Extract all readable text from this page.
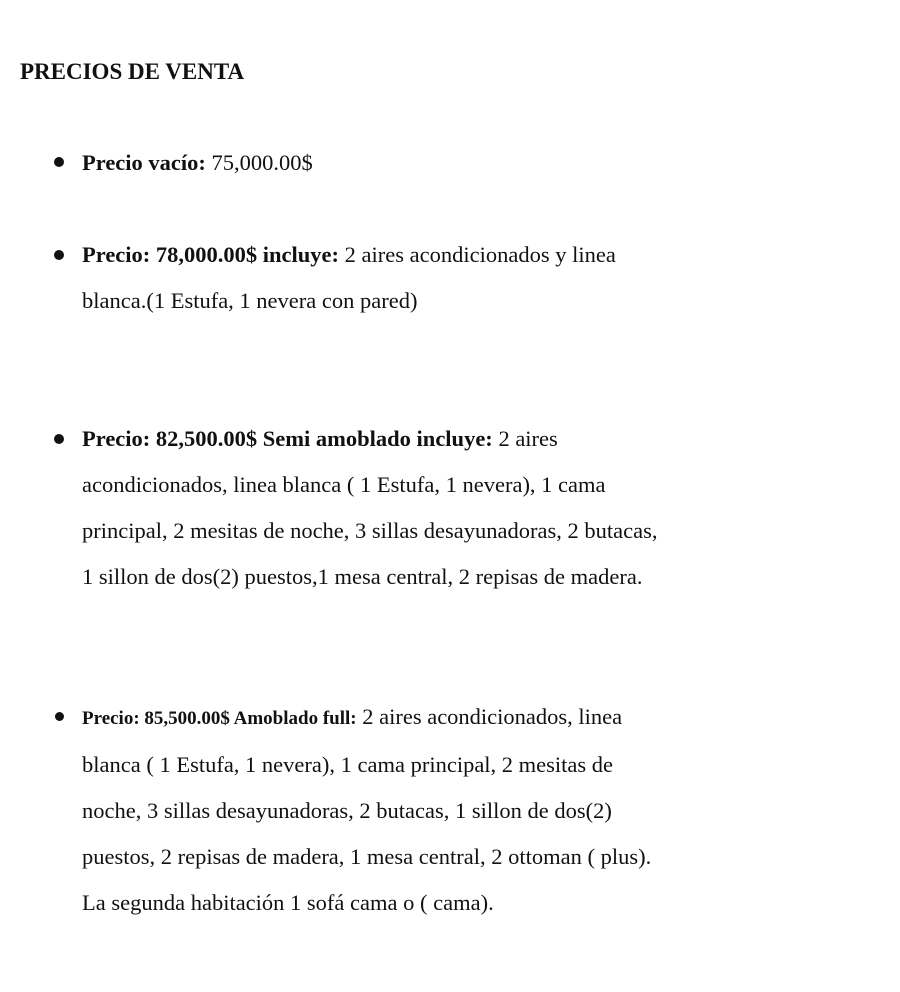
PRECIOS DE VENTA
Precio vacío: 75,000.00$
Precio: 78,000.00$ incluye: 2 aires acondicionados y linea
blanca.(1 Estufa, 1 nevera con pared)
Precio: 82,500.00$ Semi amoblado incluye: 2 aires
acondicionados, linea blanca ( 1 Estufa, 1 nevera), 1 cama
principal, 2 mesitas de noche, 3 sillas desayunadoras, 2 butacas,
1 sillon de dos(2) puestos,1 mesa central, 2 repisas de madera.
Precio: 85,500.00$ Amoblado full: 2 aires acondicionados, linea
blanca ( 1 Estufa, 1 nevera), 1 cama principal, 2 mesitas de
noche, 3 sillas desayunadoras, 2 butacas, 1 sillon de dos(2)
puestos, 2 repisas de madera, 1 mesa central, 2 ottoman ( plus).
La segunda habitación 1 sofá cama o ( cama).
